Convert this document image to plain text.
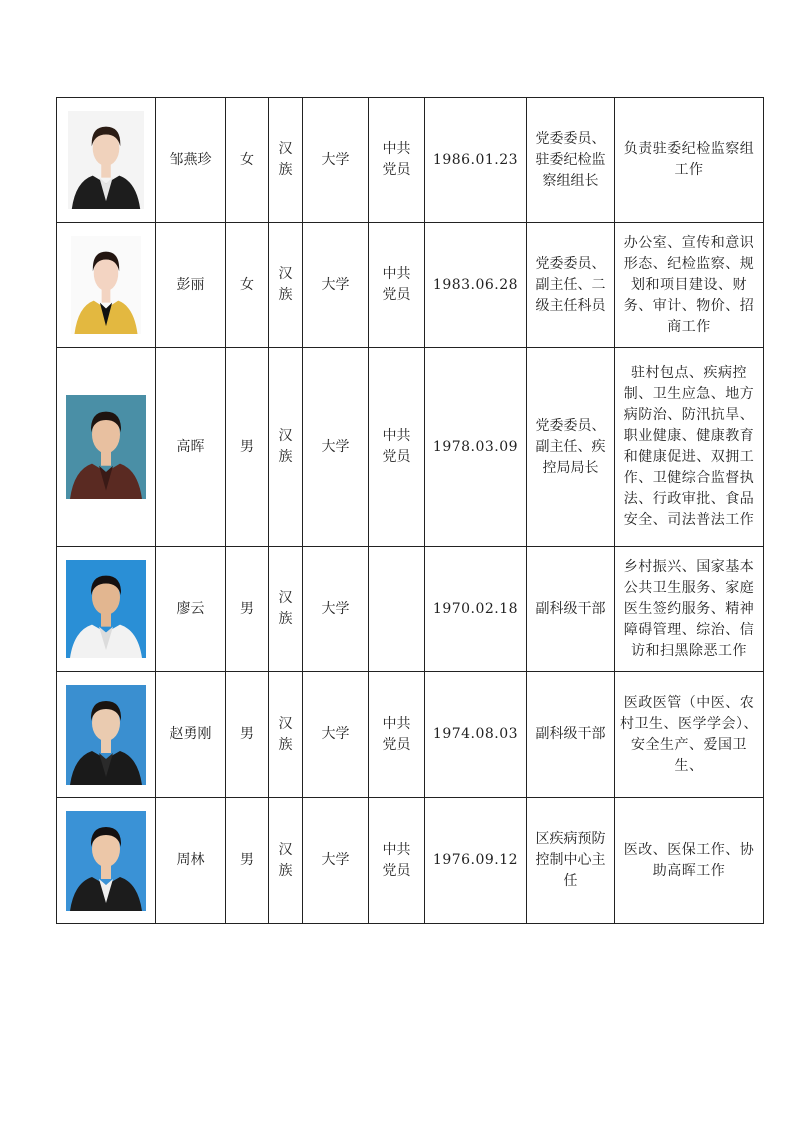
	邹燕珍	女	汉族	大学	中共党员	1986.01.23	党委委员、驻委纪检监察组组长	负责驻委纪检监察组工作

	彭丽	女	汉族	大学	中共党员	1983.06.28	党委委员、副主任、二级主任科员	办公室、宣传和意识形态、纪检监察、规划和项目建设、财务、审计、物价、招商工作

	高晖	男	汉族	大学	中共党员	1978.03.09	党委委员、副主任、疾控局局长	驻村包点、疾病控制、卫生应急、地方病防治、防汛抗旱、职业健康、健康教育和健康促进、双拥工作、卫健综合监督执法、行政审批、食品安全、司法普法工作

	廖云	男	汉族	大学		1970.02.18	副科级干部	乡村振兴、国家基本公共卫生服务、家庭医生签约服务、精神障碍管理、综治、信访和扫黑除恶工作

	赵勇刚	男	汉族	大学	中共党员	1974.08.03	副科级干部	医政医管（中医、农村卫生、医学学会）、安全生产、爱国卫生、

	周林	男	汉族	大学	中共党员	1976.09.12	区疾病预防控制中心主任	医改、医保工作、协助高晖工作
